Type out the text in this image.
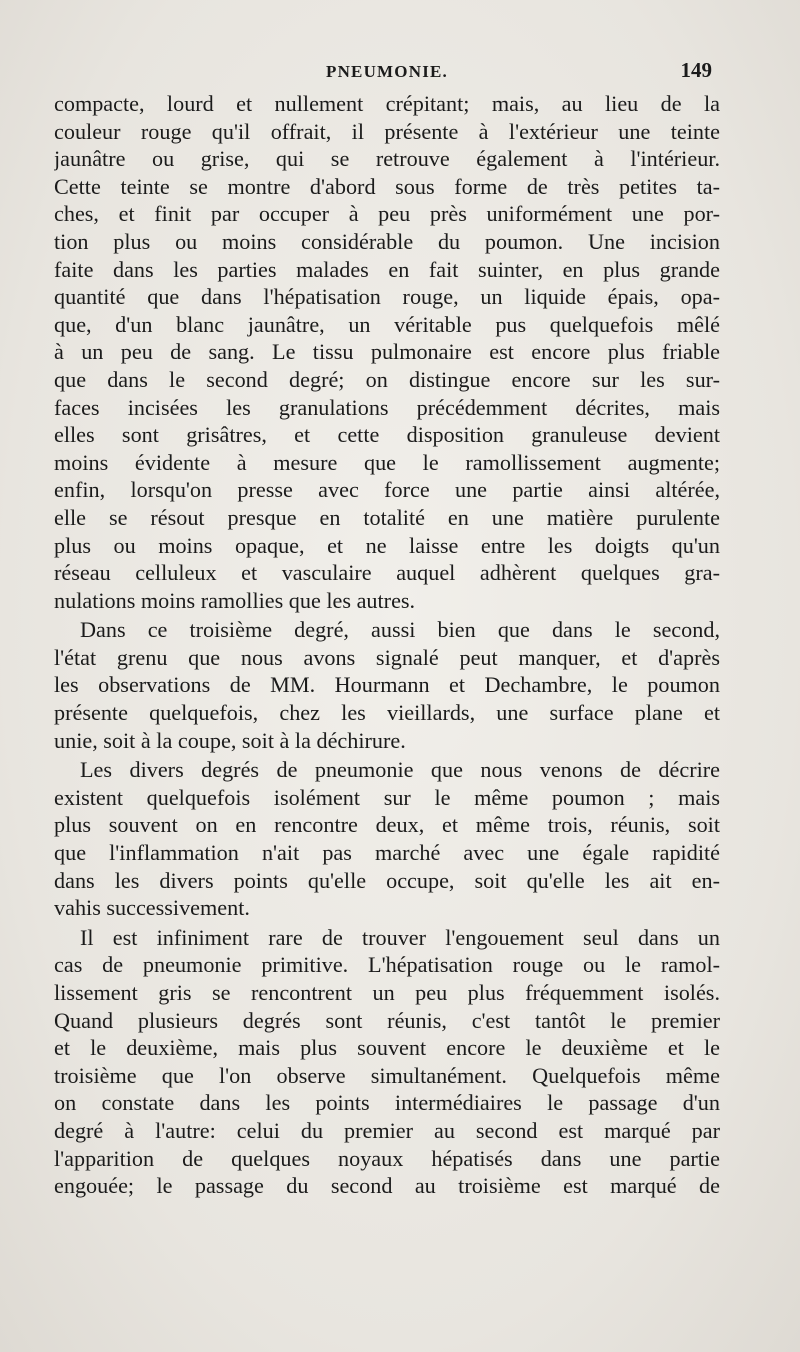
PNEUMONIE.	149
compacte, lourd et nullement crépitant; mais, au lieu de la
couleur rouge qu'il offrait, il présente à l'extérieur une teinte
jaunâtre ou grise, qui se retrouve également à l'intérieur.
Cette teinte se montre d'abord sous forme de très petites ta-
ches, et finit par occuper à peu près uniformément une por-
tion plus ou moins considérable du poumon. Une incision
faite dans les parties malades en fait suinter, en plus grande
quantité que dans l'hépatisation rouge, un liquide épais, opa-
que, d'un blanc jaunâtre, un véritable pus quelquefois mêlé
à un peu de sang. Le tissu pulmonaire est encore plus friable
que dans le second degré; on distingue encore sur les sur-
faces incisées les granulations précédemment décrites, mais
elles sont grisâtres, et cette disposition granuleuse devient
moins évidente à mesure que le ramollissement augmente;
enfin, lorsqu'on presse avec force une partie ainsi altérée,
elle se résout presque en totalité en une matière purulente
plus ou moins opaque, et ne laisse entre les doigts qu'un
réseau celluleux et vasculaire auquel adhèrent quelques gra-
nulations moins ramollies que les autres.
Dans ce troisième degré, aussi bien que dans le second,
l'état grenu que nous avons signalé peut manquer, et d'après
les observations de MM. Hourmann et Dechambre, le poumon
présente quelquefois, chez les vieillards, une surface plane et
unie, soit à la coupe, soit à la déchirure.
Les divers degrés de pneumonie que nous venons de décrire
existent quelquefois isolément sur le même poumon ; mais
plus souvent on en rencontre deux, et même trois, réunis, soit
que l'inflammation n'ait pas marché avec une égale rapidité
dans les divers points qu'elle occupe, soit qu'elle les ait en-
vahis successivement.
Il est infiniment rare de trouver l'engouement seul dans un
cas de pneumonie primitive. L'hépatisation rouge ou le ramol-
lissement gris se rencontrent un peu plus fréquemment isolés.
Quand plusieurs degrés sont réunis, c'est tantôt le premier
et le deuxième, mais plus souvent encore le deuxième et le
troisième que l'on observe simultanément. Quelquefois même
on constate dans les points intermédiaires le passage d'un
degré à l'autre: celui du premier au second est marqué par
l'apparition de quelques noyaux hépatisés dans une partie
engouée; le passage du second au troisième est marqué de
